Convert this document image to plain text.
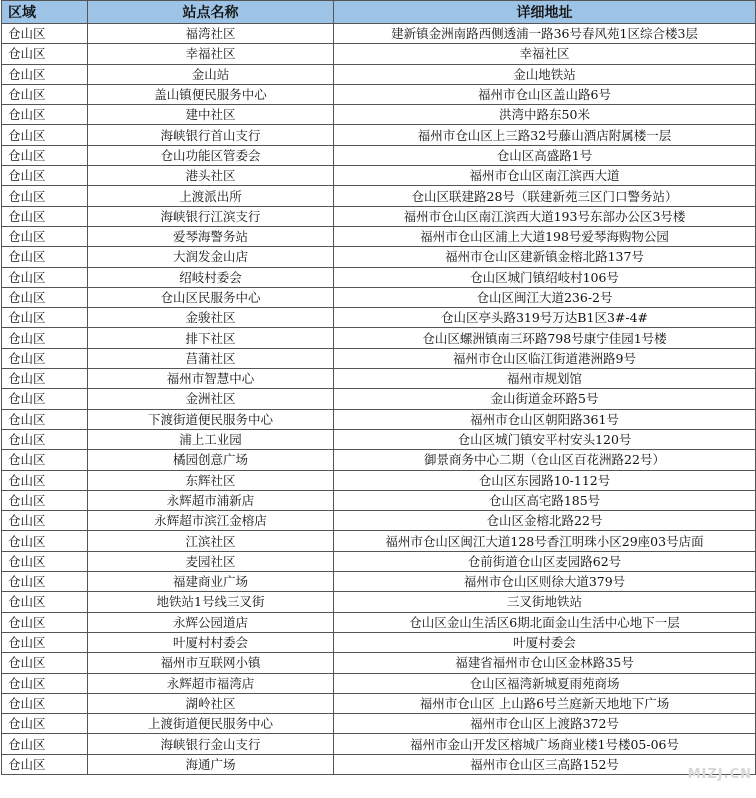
区域	站点名称	详细地址
仓山区	福湾社区	建新镇金洲南路西侧透浦一路36号春风苑1区综合楼3层
仓山区	幸福社区	幸福社区
仓山区	金山站	金山地铁站
仓山区	盖山镇便民服务中心	福州市仓山区盖山路6号
仓山区	建中社区	洪湾中路东50米
仓山区	海峡银行首山支行	福州市仓山区上三路32号藤山酒店附属楼一层
仓山区	仓山功能区管委会	仓山区高盛路1号
仓山区	港头社区	福州市仓山区南江滨西大道
仓山区	上渡派出所	仓山区联建路28号（联建新苑三区门口警务站）
仓山区	海峡银行江滨支行	福州市仓山区南江滨西大道193号东部办公区3号楼
仓山区	爱琴海警务站	福州市仓山区浦上大道198号爱琴海购物公园
仓山区	大润发金山店	福州市仓山区建新镇金榕北路137号
仓山区	绍岐村委会	仓山区城门镇绍岐村106号
仓山区	仓山区民服务中心	仓山区闽江大道236-2号
仓山区	金骏社区	仓山区亭头路319号万达B1区3#-4#
仓山区	排下社区	仓山区螺洲镇南三环路798号康宁佳园1号楼
仓山区	莒蒲社区	福州市仓山区临江街道港洲路9号
仓山区	福州市智慧中心	福州市规划馆
仓山区	金洲社区	金山街道金环路5号
仓山区	下渡街道便民服务中心	福州市仓山区朝阳路361号
仓山区	浦上工业园	仓山区城门镇安平村安头120号
仓山区	橘园创意广场	御景商务中心二期（仓山区百花洲路22号）
仓山区	东辉社区	仓山区东园路10-112号
仓山区	永辉超市浦新店	仓山区高宅路185号
仓山区	永辉超市滨江金榕店	仓山区金榕北路22号
仓山区	江滨社区	福州市仓山区闽江大道128号香江明珠小区29座03号店面
仓山区	麦园社区	仓前街道仓山区麦园路62号
仓山区	福建商业广场	福州市仓山区则徐大道379号
仓山区	地铁站1号线三叉街	三叉街地铁站
仓山区	永辉公园道店	仓山区金山生活区6期北面金山生活中心地下一层
仓山区	叶厦村村委会	叶厦村委会
仓山区	福州市互联网小镇	福建省福州市仓山区金林路35号
仓山区	永辉超市福湾店	仓山区福湾新城夏雨苑商场
仓山区	湖岭社区	福州市仓山区 上山路6号兰庭新天地地下广场
仓山区	上渡街道便民服务中心	福州市仓山区上渡路372号
仓山区	海峡银行金山支行	福州市金山开发区榕城广场商业楼1号楼05-06号
仓山区	海通广场	福州市仓山区三高路152号
MIZJ.CN
